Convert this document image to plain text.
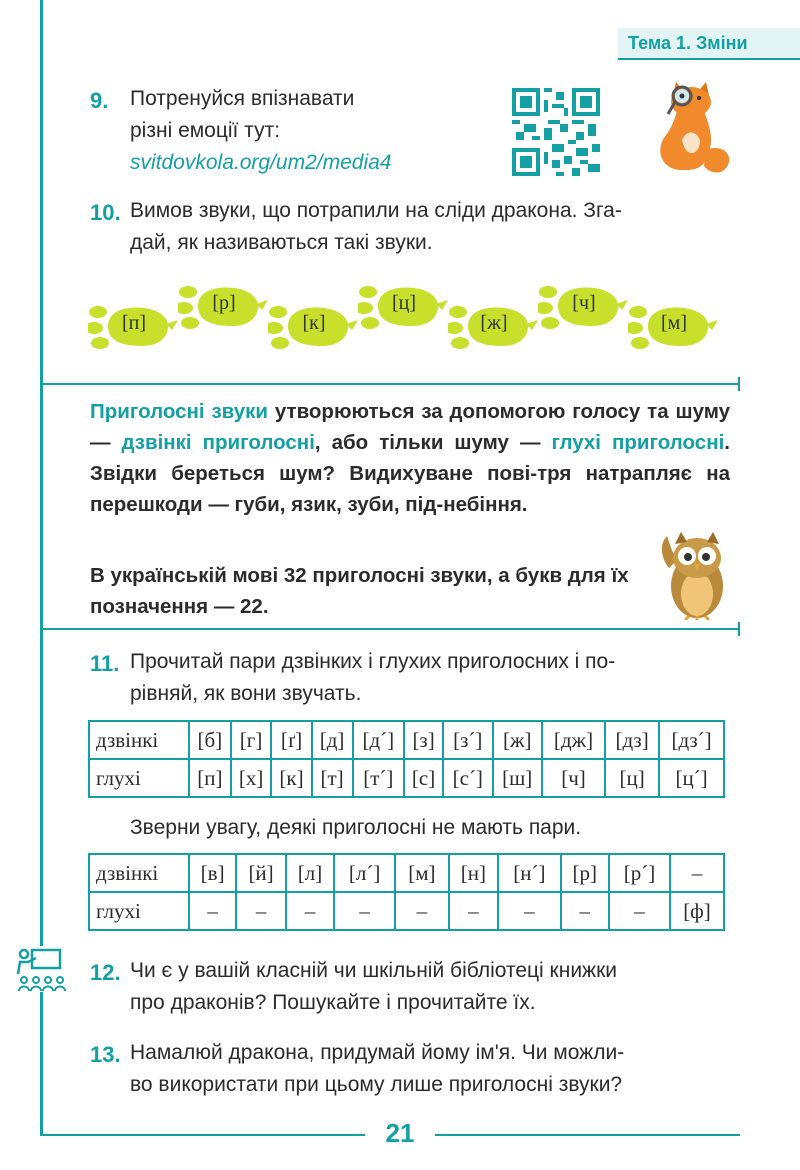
Тема 1. Зміни
9. Потренуйся впізнавати
різні емоції тут:
svitdovkola.org/um2/media4
10. Вимов звуки, що потрапили на сліди дракона. Зга-
дай, як називаються такі звуки.
[п]
[р]
[к]
[ц]
[ж]
[ч]
[м]
Приголосні звуки утворюються за допомогою голосу та шуму — дзвінкі приголосні, або тільки шуму — глухі приголосні. Звідки береться шум? Видихуване пові-тря натрапляє на перешкоди — губи, язик, зуби, під-небіння.
В українській мові 32 приголосні звуки, а букв для їх позначення — 22.
11. Прочитай пари дзвінких і глухих приголосних і по-
рівняй, як вони звучать.
дзвінкі	[б]	[г]	[ґ]	[д]	[д´]	[з]	[з´]	[ж]	[дж]	[дз]	[дз´]
глухі	[п]	[х]	[к]	[т]	[т´]	[с]	[с´]	[ш]	[ч]	[ц]	[ц´]
Зверни увагу, деякі приголосні не мають пари.
дзвінкі	[в]	[й]	[л]	[л´]	[м]	[н]	[н´]	[р]	[р´]	–
глухі	–	–	–	–	–	–	–	–	–	[ф]
12. Чи є у вашій класній чи шкільній бібліотеці книжки
про драконів? Пошукайте і прочитайте їх.
13. Намалюй дракона, придумай йому ім'я. Чи можли-
во використати при цьому лише приголосні звуки?
21
